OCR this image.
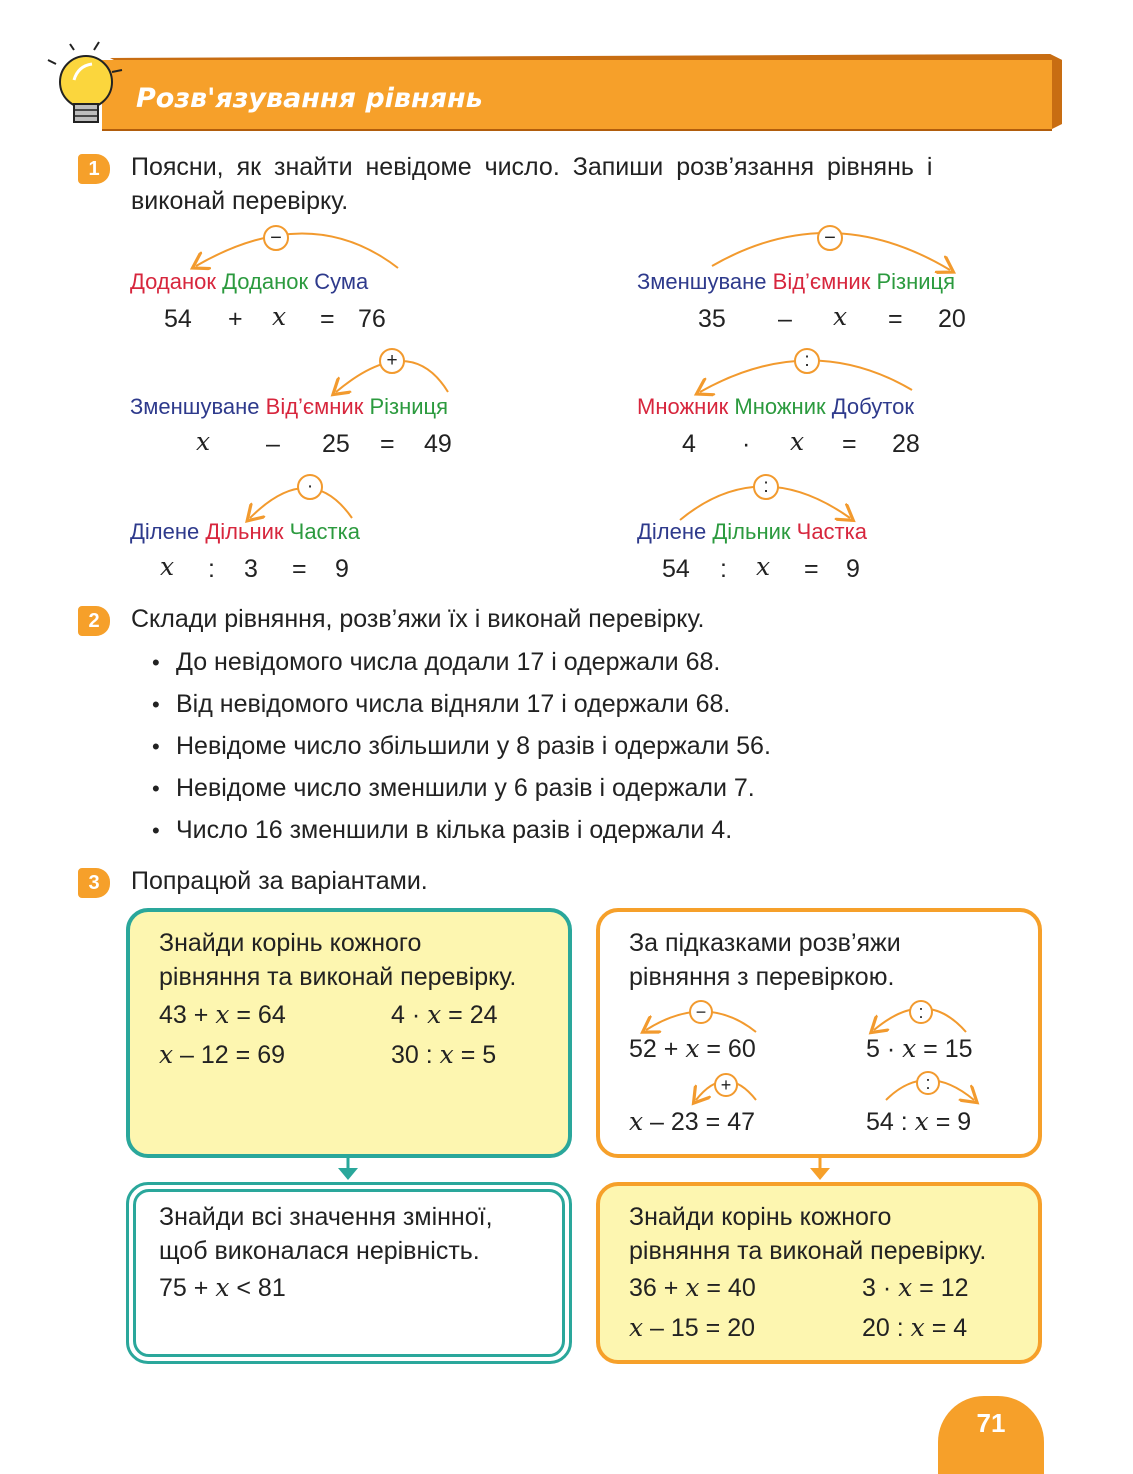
Розв'язування рівнянь
1	Поясни, як знайти невідоме число. Запиши розв’язання рівнянь і
виконай перевірку.
−	−
+	:
·	:
Доданок Доданок Сума
54 + x = 76
Зменшуване Від’ємник Різниця
35 – x = 20
Зменшуване Від’ємник Різниця
x – 25 = 49
Множник Множник Добуток
4 · x = 28
Ділене Дільник Частка
x : 3 = 9
Ділене Дільник Частка
54 : x = 9
2	Склади рівняння, розв’яжи їх і виконай перевірку.
• До невідомого числа додали 17 і одержали 68.
• Від невідомого числа відняли 17 і одержали 68.
• Невідоме число збільшили у 8 разів і одержали 56.
• Невідоме число зменшили у 6 разів і одержали 7.
• Число 16 зменшили в кілька разів і одержали 4.
3	Попрацюй за варіантами.
Знайди корінь кожного
рівняння та виконай перевірку.
43 + x = 64	4 · x = 24
x – 12 = 69	30 : x = 5
За підказками розв’яжи
рівняння з перевіркою.
−	:
+	:
52 + x = 60	5 · x = 15
x – 23 = 47	54 : x = 9
Знайди всі значення змінної,
щоб виконалася нерівність.
75 + x < 81
Знайди корінь кожного
рівняння та виконай перевірку.
36 + x = 40	3 · x = 12
x – 15 = 20	20 : x = 4
71
